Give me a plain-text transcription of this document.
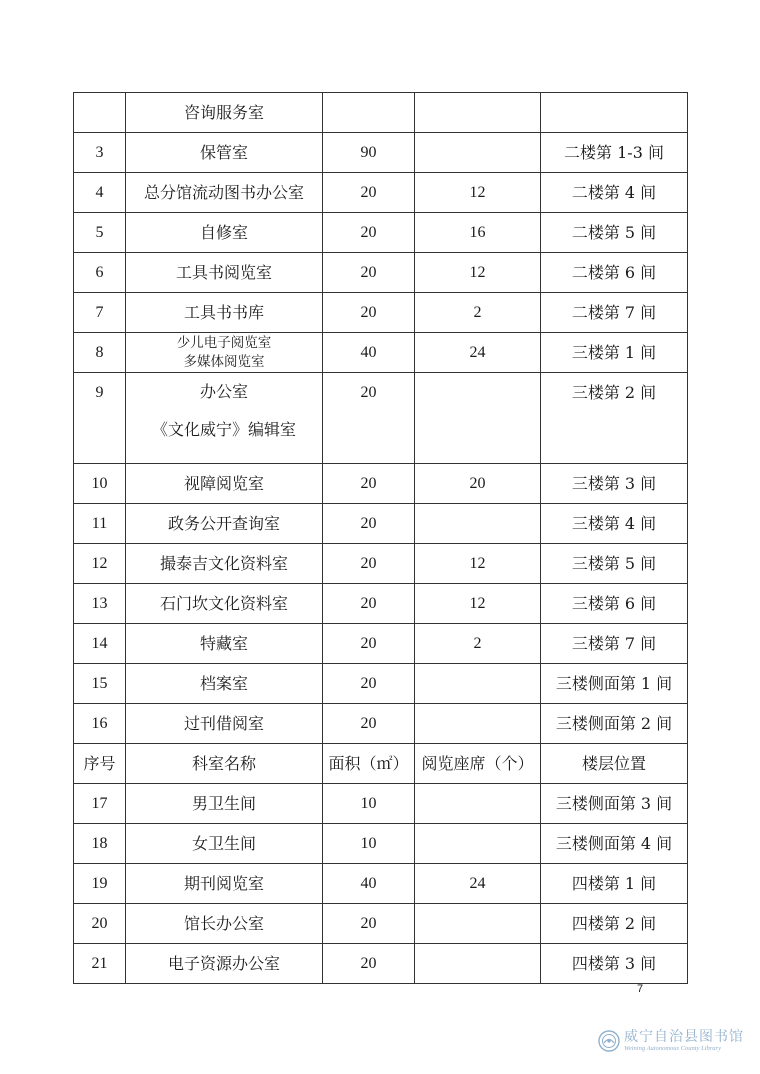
	咨询服务室			
3	保管室	90		二楼第 1-3 间
4	总分馆流动图书办公室	20	12	二楼第 4 间
5	自修室	20	16	二楼第 5 间
6	工具书阅览室	20	12	二楼第 6 间
7	工具书书库	20	2	二楼第 7 间
8	少儿电子阅览室
多媒体阅览室	40	24	三楼第 1 间
9	办公室
《文化威宁》编辑室	20		三楼第 2 间
10	视障阅览室	20	20	三楼第 3 间
11	政务公开查询室	20		三楼第 4 间
12	撮泰吉文化资料室	20	12	三楼第 5 间
13	石门坎文化资料室	20	12	三楼第 6 间
14	特藏室	20	2	三楼第 7 间
15	档案室	20		三楼侧面第 1 间
16	过刊借阅室	20		三楼侧面第 2 间
序号	科室名称	面积（㎡）	阅览座席（个）	楼层位置
17	男卫生间	10		三楼侧面第 3 间
18	女卫生间	10		三楼侧面第 4 间
19	期刊阅览室	40	24	四楼第 1 间
20	馆长办公室	20		四楼第 2 间
21	电子资源办公室	20		四楼第 3 间
7
威宁自治县图书馆
Weining Autonomous County Library
